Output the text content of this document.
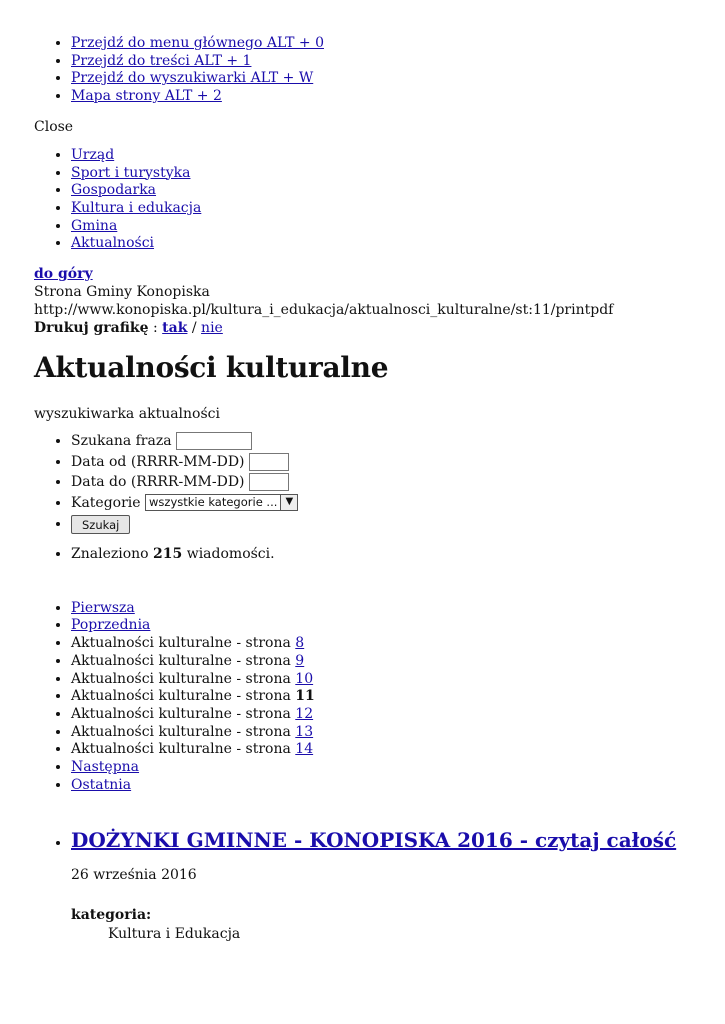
• Przejdź do menu głównego ALT + 0
• Przejdź do treści ALT + 1
• Przejdź do wyszukiwarki ALT + W
• Mapa strony ALT + 2
Close
• Urząd
• Sport i turystyka
• Gospodarka
• Kultura i edukacja
• Gmina
• Aktualności
do góry
Strona Gminy Konopiska
http://www.konopiska.pl/kultura_i_edukacja/aktualnosci_kulturalne/st:11/printpdf
Drukuj grafikę : tak / nie
Aktualności kulturalne
wyszukiwarka aktualności
• Szukana fraza
• Data od (RRRR-MM-DD)
• Data do (RRRR-MM-DD)
• Kategorie wszystkie kategorie ... ▼
• Szukaj
• Znaleziono 215 wiadomości.
• Pierwsza
• Poprzednia
• Aktualności kulturalne - strona 8
• Aktualności kulturalne - strona 9
• Aktualności kulturalne - strona 10
• Aktualności kulturalne - strona 11
• Aktualności kulturalne - strona 12
• Aktualności kulturalne - strona 13
• Aktualności kulturalne - strona 14
• Następna
• Ostatnia
• DOŻYNKI GMINNE - KONOPISKA 2016 - czytaj całość
26 września 2016
kategoria:
Kultura i Edukacja
